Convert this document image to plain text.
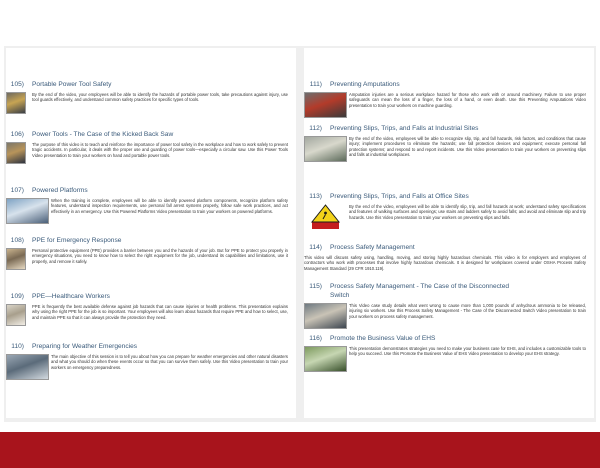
105) Portable Power Tool Safety
By the end of the video, your employees will be able to identify the hazards of portable power tools, take precautions against injury, use tool guards effectively, and understand common safety practices for specific types of tools.
106) Power Tools - The Case of the Kicked Back Saw
The purpose of this video is to teach and reinforce the importance of power tool safety in the workplace and how to work safely to prevent tragic accidents. In particular, it deals with the proper use and guarding of power tools—especially a circular saw. Use this Power Tools Video presentation to train your workers on hand and portable power tools.
107) Powered Platforms
When the training is complete, employees will be able to identify powered platform components, recognize platform safety features, understand inspection requirements, use personal fall arrest systems properly, follow safe work practices, and act effectively in an emergency. Use this Powered Platforms Video presentation to train your workers on powered platforms.
108) PPE for Emergency Response
Personal protective equipment (PPE) provides a barrier between you and the hazards of your job. But for PPE to protect you properly in emergency situations, you need to know how to select the right equipment for the job, understand its capabilities and limitations, use it properly, and remove it safely.
109) PPE—Healthcare Workers
PPE is frequently the best available defense against job hazards that can cause injuries or health problems. This presentation explains why using the right PPE for the job is so important. Your employees will also learn about hazards that require PPE and how to select, use, and maintain PPE so that it can always provide the protection they need.
110) Preparing for Weather Emergencies
The main objective of this session is to tell you about how you can prepare for weather emergencies and other natural disasters and what you should do when these events occur so that you can survive them safely. Use this Video presentation to train your workers on emergency preparedness.
111) Preventing Amputations
Amputation injuries are a serious workplace hazard for those who work with or around machinery. Failure to use proper safeguards can mean the loss of a finger, the loss of a hand, or even death. Use this Preventing Amputations Video presentation to train your workers on machine guarding.
112) Preventing Slips, Trips, and Falls at Industrial Sites
By the end of the video, employees will be able to recognize slip, trip, and fall hazards, risk factors, and conditions that cause injury; implement procedures to eliminate the hazards; use fall protection devices and equipment; execute personal fall protection systems; and respond to and report incidents. Use this Video presentation to train your workers on preventing slips and falls at industrial workplaces.
113) Preventing Slips, Trips, and Falls at Office Sites
By the end of the video, employees will be able to identify slip, trip, and fall hazards at work; understand safety specifications and features of walking surfaces and openings; use stairs and ladders safely to avoid falls; and avoid and eliminate slip and trip hazards. Use this Video presentation to train your workers on preventing slips and falls.
114) Process Safety Management
This video will discuss safety using, handling, moving, and storing highly hazardous chemicals. This video is for employers and employees of contractors who work with processes that involve highly hazardous chemicals. It is designed for workplaces covered under OSHA Process Safety Management Standard (29 CFR 1910.119).
115) Process Safety Management - The Case of the Disconnected
Switch
This Video case study details what went wrong to cause more than 1,000 pounds of anhydrous ammonia to be released, injuring six workers. Use this Process Safety Management - The Case of the Disconnected Switch Video presentation to train your workers on process safety management.
116) Promote the Business Value of EHS
This presentation demonstrates strategies you need to make your business case for EHS, and includes a customizable tools to help you succeed. Use this Promote the Business Value of EHS Video presentation to develop your EHS strategy.
